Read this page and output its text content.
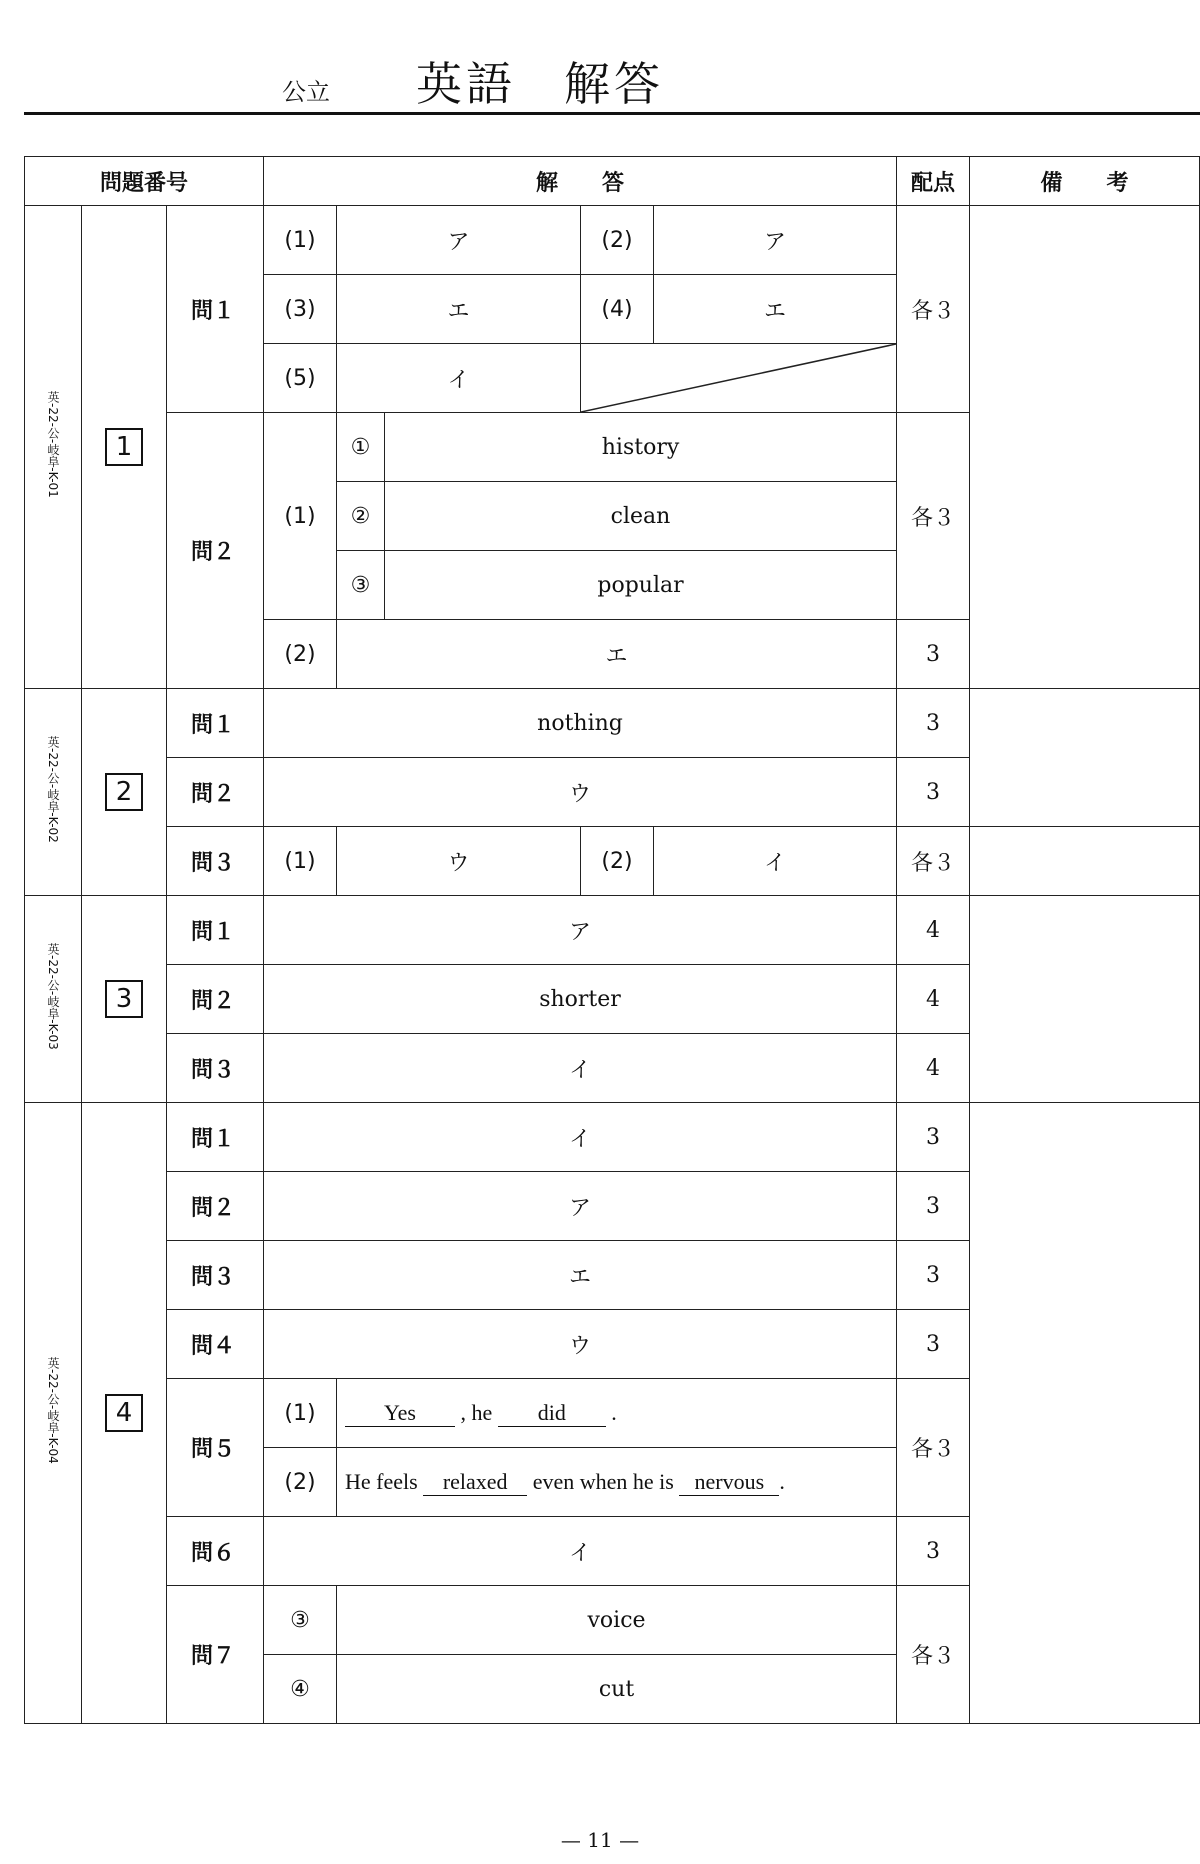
公立 英語 解答
問題番号			解　　答					配点	備　　考
英-22-公-岐阜-K-01	1	問１	(1)	ア		(2)	ア	各３	
			(3)	エ		(4)	エ		
			(5)	イ	

		問２	(1)	①	history			各３	
				②	clean				
				③	popular				
			(2)	エ				3	
英-22-公-岐阜-K-02	2	問１	nothing					3	
		問２	ウ					3	
		問３	(1)	ウ		(2)	イ	各３	
英-22-公-岐阜-K-03	3	問１	ア					4	
		問２	shorter					4	
		問３	イ					4	
英-22-公-岐阜-K-04	4	問１	イ					3	
		問２	ア					3	
		問３	エ					3	
		問４	ウ					3	
		問５	(1)	Yes , he did .				各３	
			(2)	He feels relaxed even when he is nervous .					
		問６	イ					3	
		問７	③	voice				各３	
			④	cut					
— 11 —
